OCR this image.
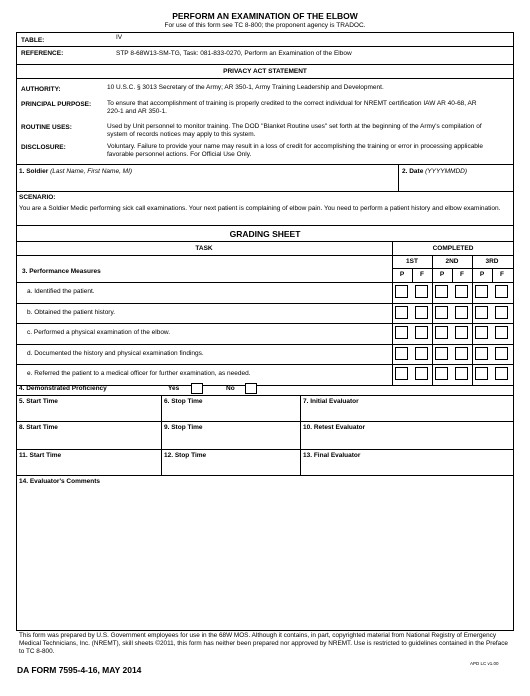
PERFORM AN EXAMINATION OF THE ELBOW
For use of this form see TC 8-800; the proponent agency is TRADOC.
TABLE:	IV
REFERENCE:	STP 8-68W13-SM-TG, Task: 081-833-0270, Perform an Examination of the Elbow
PRIVACY ACT STATEMENT
AUTHORITY:	10 U.S.C. § 3013 Secretary of the Army; AR 350-1, Army Training Leadership and Development.
PRINCIPAL PURPOSE: To ensure that accomplishment of training is properly credited to the correct individual for NREMT certification IAW AR 40-68, AR 220-1 and AR 350-1.
ROUTINE USES:	Used by Unit personnel to monitor training. The DOD "Blanket Routine uses" set forth at the beginning of the Army's compilation of system of records notices may apply to this system.
DISCLOSURE:	Voluntary. Failure to provide your name may result in a loss of credit for accomplishing the training or error in processing applicable favorable personnel actions. For Official Use Only.
1. Soldier (Last Name, First Name, MI)	2. Date (YYYYMMDD)
SCENARIO:
You are a Soldier Medic performing sick call examinations. Your next patient is complaining of elbow pain. You need to perform a patient history and elbow examination.
GRADING SHEET
TASK	COMPLETED
1ST	2ND	3RD
P	F	P	F	P	F
3. Performance Measures
a. Identified the patient.
b. Obtained the patient history.
c. Performed a physical examination of the elbow.
d. Documented the history and physical examination findings.
e. Referred the patient to a medical officer for further examination, as needed.
4. Demonstrated Proficiency	Yes	No
5. Start Time	6. Stop Time	7. Initial Evaluator
8. Start Time	9. Stop Time	10. Retest Evaluator
11. Start Time	12. Stop Time	13. Final Evaluator
14. Evaluator's Comments
This form was prepared by U.S. Government employees for use in the 68W MOS. Although it contains, in part, copyrighted material from National Registry of Emergency Medical Technicians, Inc. (NREMT), skill sheets ©2011, this form has neither been prepared nor approved by NREMT. Use is restricted to guidelines contained in the Preface to TC 8-800.
DA FORM 7595-4-16, MAY 2014
APD LC v1.00
